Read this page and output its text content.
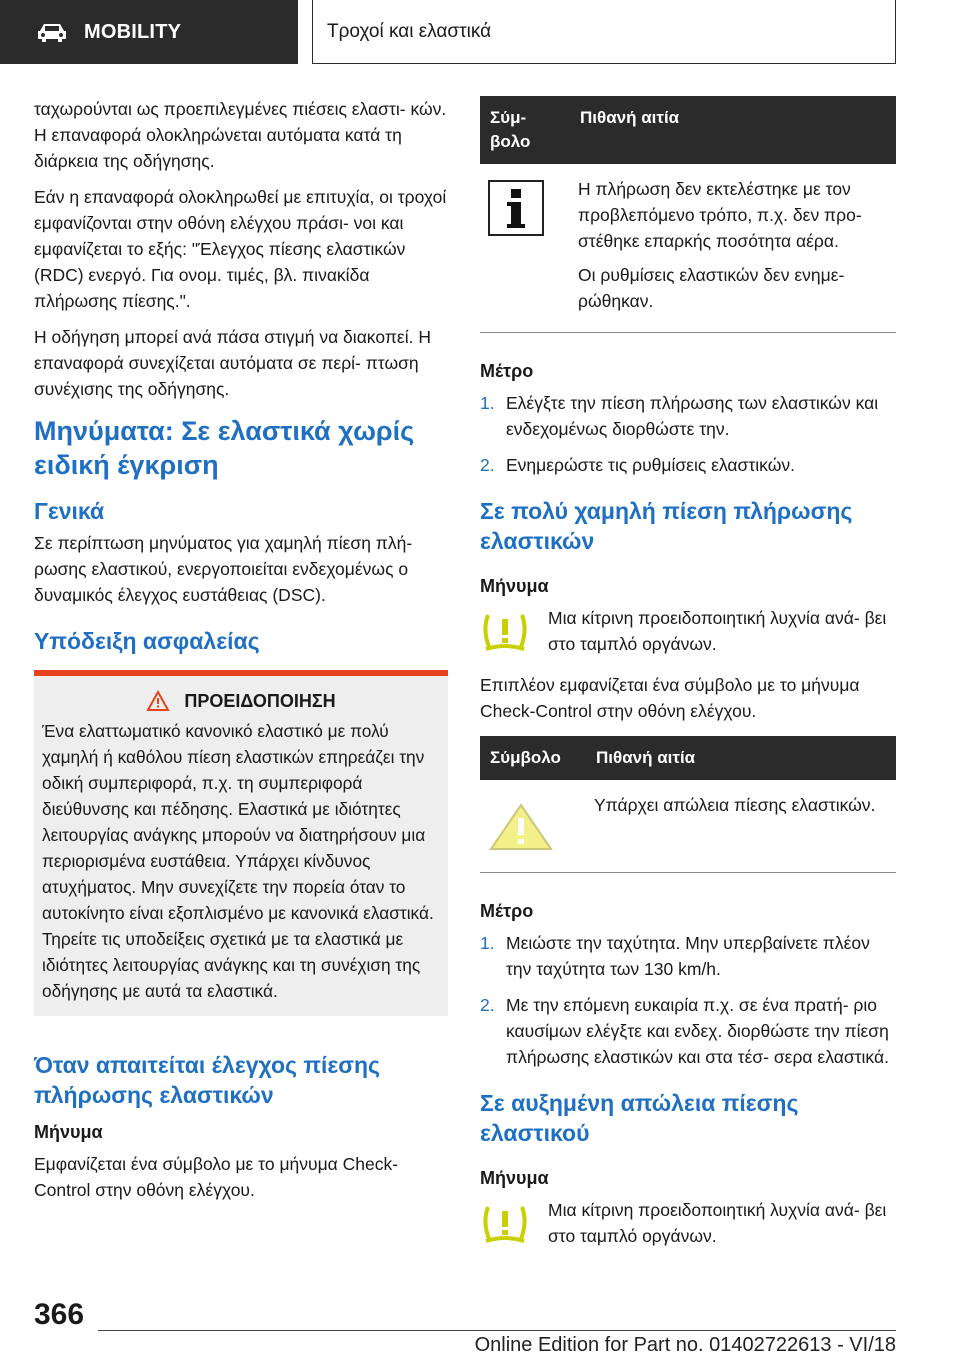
MOBILITY	Τροχοί και ελαστικά

ταχωρούνται ως προεπιλεγμένες πιέσεις ελαστι- κών. Η επαναφορά ολοκληρώνεται αυτόματα κατά τη διάρκεια της οδήγησης.

Εάν η επαναφορά ολοκληρωθεί με επιτυχία, οι τροχοί εμφανίζονται στην οθόνη ελέγχου πράσι- νοι και εμφανίζεται το εξής: "Έλεγχος πίεσης ελαστικών (RDC) ενεργό. Για ονομ. τιμές, βλ. πινακίδα πλήρωσης πίεσης.".

Η οδήγηση μπορεί ανά πάσα στιγμή να διακοπεί. Η επαναφορά συνεχίζεται αυτόματα σε περί- πτωση συνέχισης της οδήγησης.

Μηνύματα: Σε ελαστικά χωρίς ειδική έγκριση
Γενικά

Σε περίπτωση μηνύματος για χαμηλή πίεση πλή- ρωσης ελαστικού, ενεργοποιείται ενδεχομένως ο δυναμικός έλεγχος ευστάθειας (DSC).

Υπόδειξη ασφαλείας
ΠΡΟΕΙΔΟΠΟΙΗΣΗ

Ένα ελαττωματικό κανονικό ελαστικό με πολύ χαμηλή ή καθόλου πίεση ελαστικών επηρεάζει την οδική συμπεριφορά, π.χ. τη συμπεριφορά διεύθυνσης και πέδησης. Ελαστικά με ιδιότητες λειτουργίας ανάγκης μπορούν να διατηρήσουν μια περιορισμένα ευστάθεια. Υπάρχει κίνδυνος ατυχήματος. Μην συνεχίζετε την πορεία όταν το αυτοκίνητο είναι εξοπλισμένο με κανονικά ελαστικά. Τηρείτε τις υποδείξεις σχετικά με τα ελαστικά με ιδιότητες λειτουργίας ανάγκης και τη συνέχιση της οδήγησης με αυτά τα ελαστικά.

Όταν απαιτείται έλεγχος πίεσης πλήρωσης ελαστικών
Μήνυμα

Εμφανίζεται ένα σύμβολο με το μήνυμα Check- Control στην οθόνη ελέγχου.

Σύμ- βολο	Πιθανή αιτία

Η πλήρωση δεν εκτελέστηκε με τον προβλεπόμενο τρόπο, π.χ. δεν προ- στέθηκε επαρκής ποσότητα αέρα.

Οι ρυθμίσεις ελαστικών δεν ενημε- ρώθηκαν.

Μέτρο
1. Ελέγξτε την πίεση πλήρωσης των ελαστικών και ενδεχομένως διορθώστε την.
2. Ενημερώστε τις ρυθμίσεις ελαστικών.
Σε πολύ χαμηλή πίεση πλήρωσης ελαστικών
Μήνυμα

Μια κίτρινη προειδοποιητική λυχνία ανά- βει στο ταμπλό οργάνων.

Επιπλέον εμφανίζεται ένα σύμβολο με το μήνυμα Check-Control στην οθόνη ελέγχου.

Σύμβολο	Πιθανή αιτία

Υπάρχει απώλεια πίεσης ελαστικών.

Μέτρο
1. Μειώστε την ταχύτητα. Μην υπερβαίνετε πλέον την ταχύτητα των 130 km/h.
2. Με την επόμενη ευκαιρία π.χ. σε ένα πρατή- ριο καυσίμων ελέγξτε και ενδεχ. διορθώστε την πίεση πλήρωσης ελαστικών και στα τέσ- σερα ελαστικά.
Σε αυξημένη απώλεια πίεσης ελαστικού
Μήνυμα

Μια κίτρινη προειδοποιητική λυχνία ανά- βει στο ταμπλό οργάνων.

366
Online Edition for Part no. 01402722613 - VI/18
